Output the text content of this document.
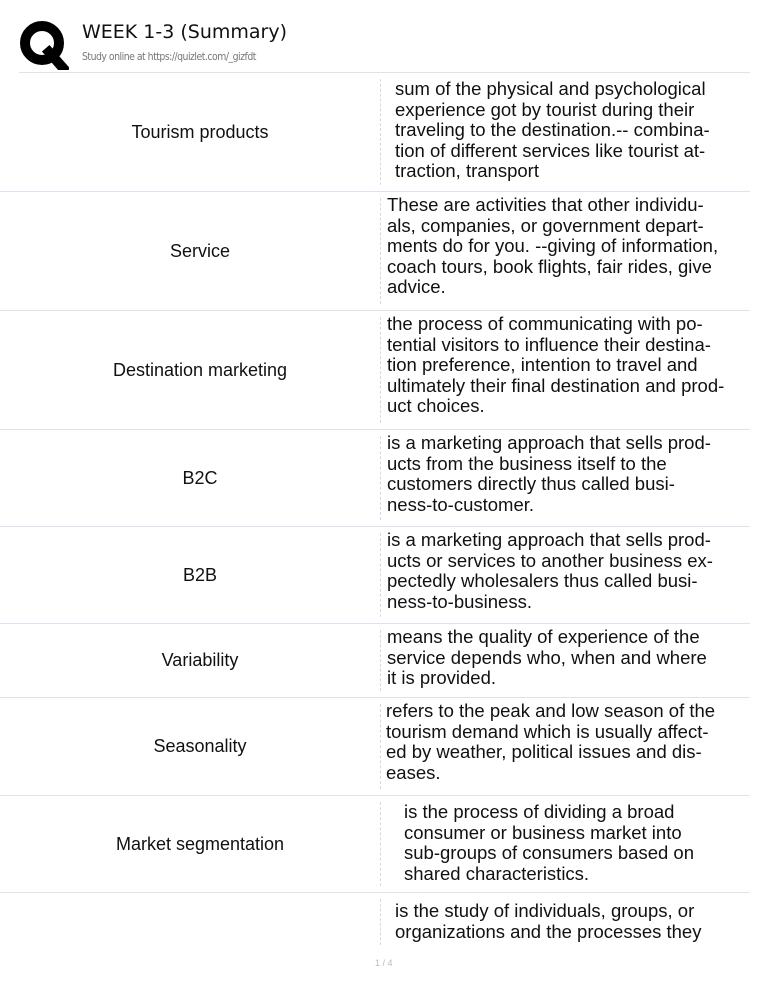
WEEK 1-3 (Summary)
Study online at https://quizlet.com/_gizfdt
Tourism products
sum of the physical and psychological
experience got by tourist during their
traveling to the destination.-- combina-
tion of different services like tourist at-
traction, transport
Service
These are activities that other individu-
als, companies, or government depart-
ments do for you. --giving of information,
coach tours, book flights, fair rides, give
advice.
Destination marketing
the process of communicating with po-
tential visitors to influence their destina-
tion preference, intention to travel and
ultimately their final destination and prod-
uct choices.
B2C
is a marketing approach that sells prod-
ucts from the business itself to the
customers directly thus called busi-
ness-to-customer.
B2B
is a marketing approach that sells prod-
ucts or services to another business ex-
pectedly wholesalers thus called busi-
ness-to-business.
Variability
means the quality of experience of the
service depends who, when and where
it is provided.
Seasonality
refers to the peak and low season of the
tourism demand which is usually affect-
ed by weather, political issues and dis-
eases.
Market segmentation
is the process of dividing a broad
consumer or business market into
sub-groups of consumers based on
shared characteristics.
is the study of individuals, groups, or
organizations and the processes they
1 / 4
